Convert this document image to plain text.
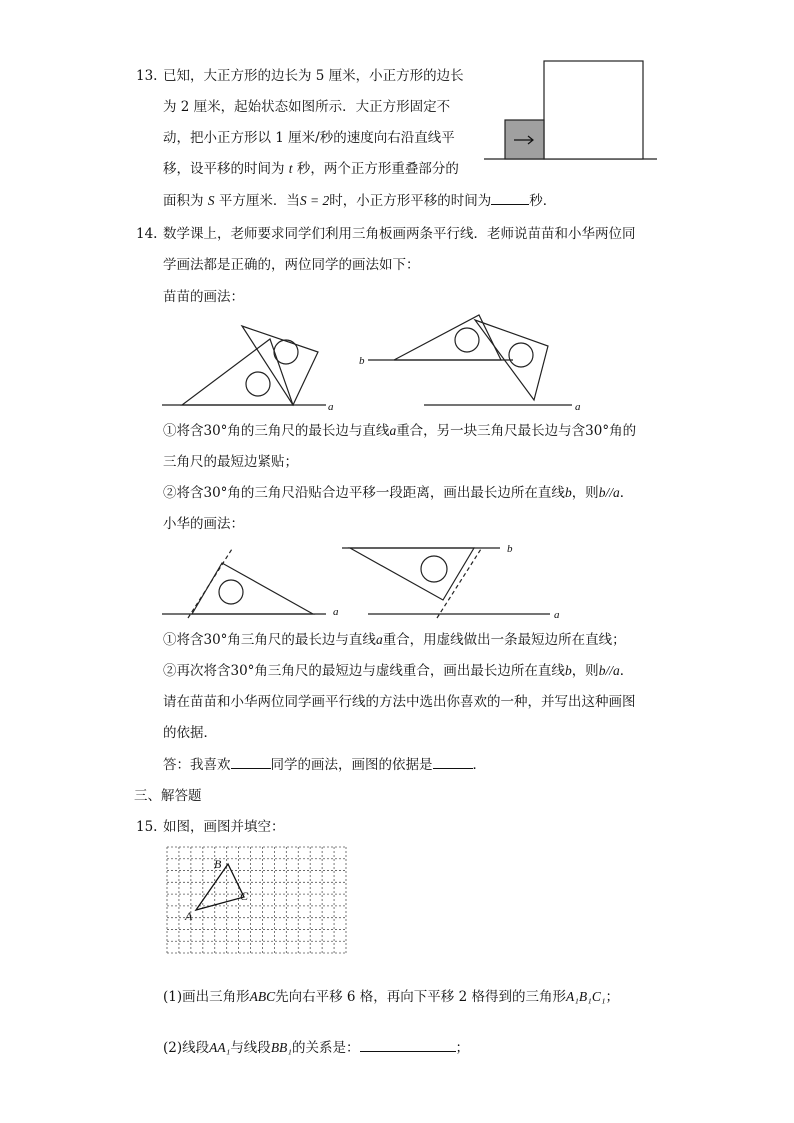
13. 已知，大正方形的边长为 5 厘米，小正方形的边长
为 2 厘米，起始状态如图所示．大正方形固定不
动，把小正方形以 1 厘米/秒的速度向右沿直线平
移，设平移的时间为 t 秒，两个正方形重叠部分的
面积为 S 平方厘米．当S = 2时，小正方形平移的时间为	秒．
14. 数学课上，老师要求同学们利用三角板画两条平行线．老师说苗苗和小华两位同
学画法都是正确的，两位同学的画法如下：
苗苗的画法：
a
b
a
①将含30°角的三角尺的最长边与直线a重合，另一块三角尺最长边与含30°角的
三角尺的最短边紧贴；
②将含30°角的三角尺沿贴合边平移一段距离，画出最长边所在直线b，则b//a．
小华的画法：
a
b
a
①将含30°角三角尺的最长边与直线a重合，用虚线做出一条最短边所在直线；
②再次将含30°角三角尺的最短边与虚线重合，画出最长边所在直线b，则b//a．
请在苗苗和小华两位同学画平行线的方法中选出你喜欢的一种，并写出这种画图
的依据．
答：我喜欢	同学的画法，画图的依据是	．
三、解答题
15. 如图，画图并填空：
A
B
C
(1)画出三角形ABC先向右平移 6 格，再向下平移 2 格得到的三角形A₁B₁C₁；
(2)线段AA₁与线段BB₁的关系是：	；
